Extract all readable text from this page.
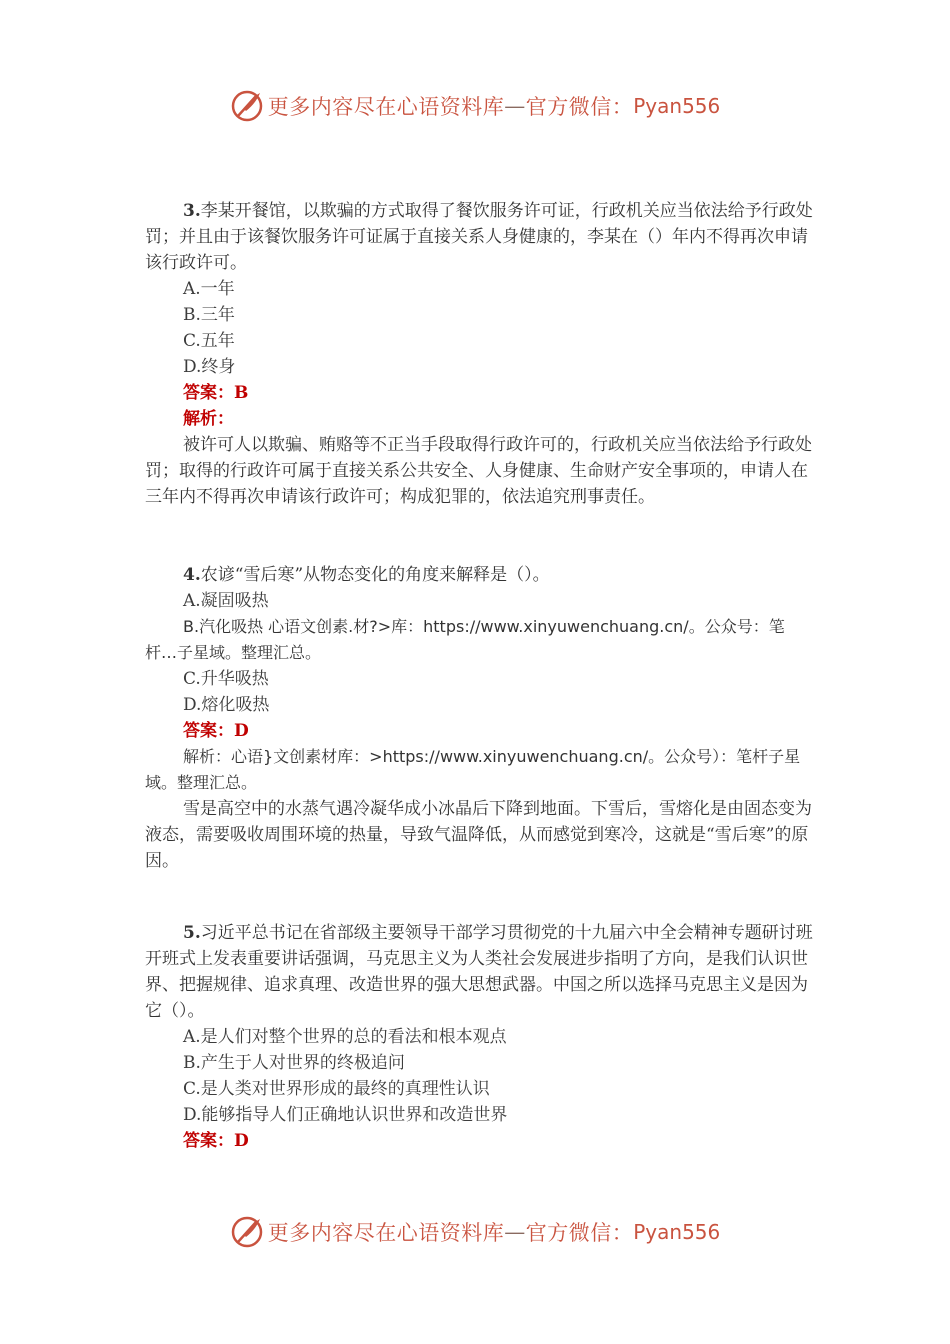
更多内容尽在心语资料库 — 官方微信： Pyan556

3.李某开餐馆，以欺骗的方式取得了餐饮服务许可证，行政机关应当依法给予行政处罚；并且由于该餐饮服务许可证属于直接关系人身健康的，李某在（）年内不得再次申请该行政许可。

A.一年

B.三年

C.五年

D.终身

答案：B

解析：

被许可人以欺骗、贿赂等不正当手段取得行政许可的，行政机关应当依法给予行政处罚；取得的行政许可属于直接关系公共安全、人身健康、生命财产安全事项的，申请人在三年内不得再次申请该行政许可；构成犯罪的，依法追究刑事责任。

4.农谚“雪后寒”从物态变化的角度来解释是（）。

A.凝固吸热

B.汽化吸热 心语文创素.材?>库：https://www.xinyuwenchuang.cn/。公众号：笔杆…子星域。整理汇总。

C.升华吸热

D.熔化吸热

答案：D

解析：心语}文创素材库：>https://www.xinyuwenchuang.cn/。公众号）：笔杆子星域。整理汇总。

雪是高空中的水蒸气遇冷凝华成小冰晶后下降到地面。下雪后，雪熔化是由固态变为液态，需要吸收周围环境的热量，导致气温降低，从而感觉到寒冷，这就是“雪后寒”的原因。

5.习近平总书记在省部级主要领导干部学习贯彻党的十九届六中全会精神专题研讨班开班式上发表重要讲话强调，马克思主义为人类社会发展进步指明了方向，是我们认识世界、把握规律、追求真理、改造世界的强大思想武器。中国之所以选择马克思主义是因为它（）。

A.是人们对整个世界的总的看法和根本观点

B.产生于人对世界的终极追问

C.是人类对世界形成的最终的真理性认识

D.能够指导人们正确地认识世界和改造世界

答案：D

更多内容尽在心语资料库 — 官方微信： Pyan556
